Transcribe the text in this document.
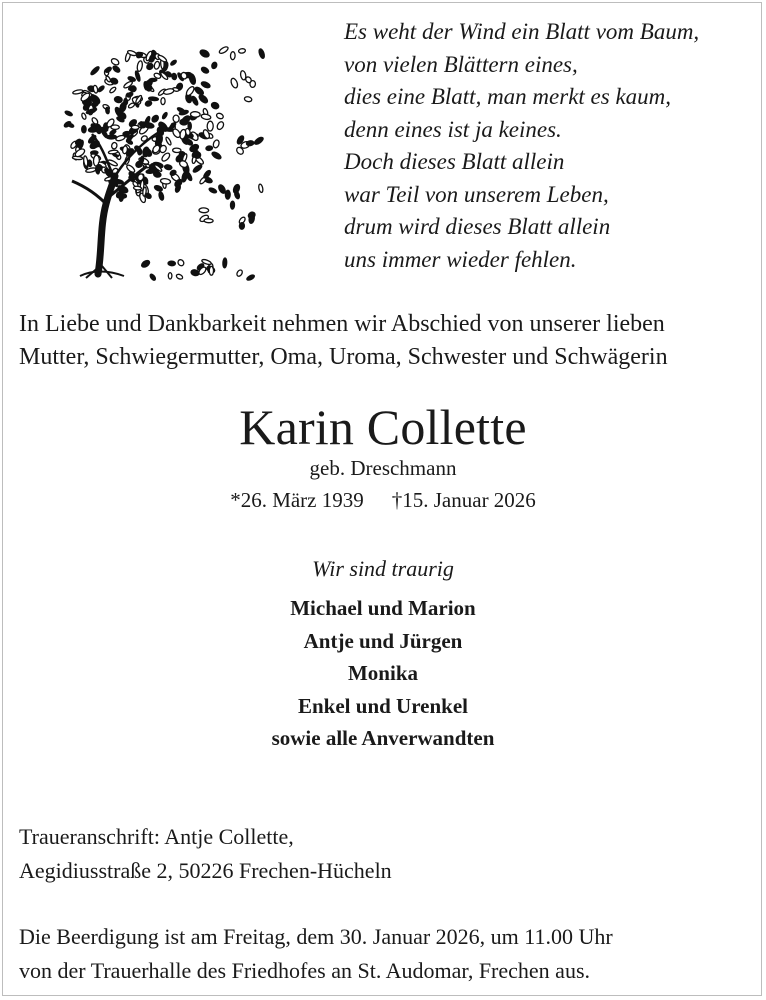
Es weht der Wind ein Blatt vom Baum,
von vielen Blättern eines,
dies eine Blatt, man merkt es kaum,
denn eines ist ja keines.
Doch dieses Blatt allein
war Teil von unserem Leben,
drum wird dieses Blatt allein
uns immer wieder fehlen.
In Liebe und Dankbarkeit nehmen wir Abschied von unserer lieben
Mutter, Schwiegermutter, Oma, Uroma, Schwester und Schwägerin
Karin Collette
geb. Dreschmann
*26. März 1939 †15. Januar 2026
Wir sind traurig
Michael und Marion
Antje und Jürgen
Monika
Enkel und Urenkel
sowie alle Anverwandten
Traueranschrift: Antje Collette,
Aegidiusstraße 2, 50226 Frechen-Hücheln
Die Beerdigung ist am Freitag, dem 30. Januar 2026, um 11.00 Uhr
von der Trauerhalle des Friedhofes an St. Audomar, Frechen aus.
